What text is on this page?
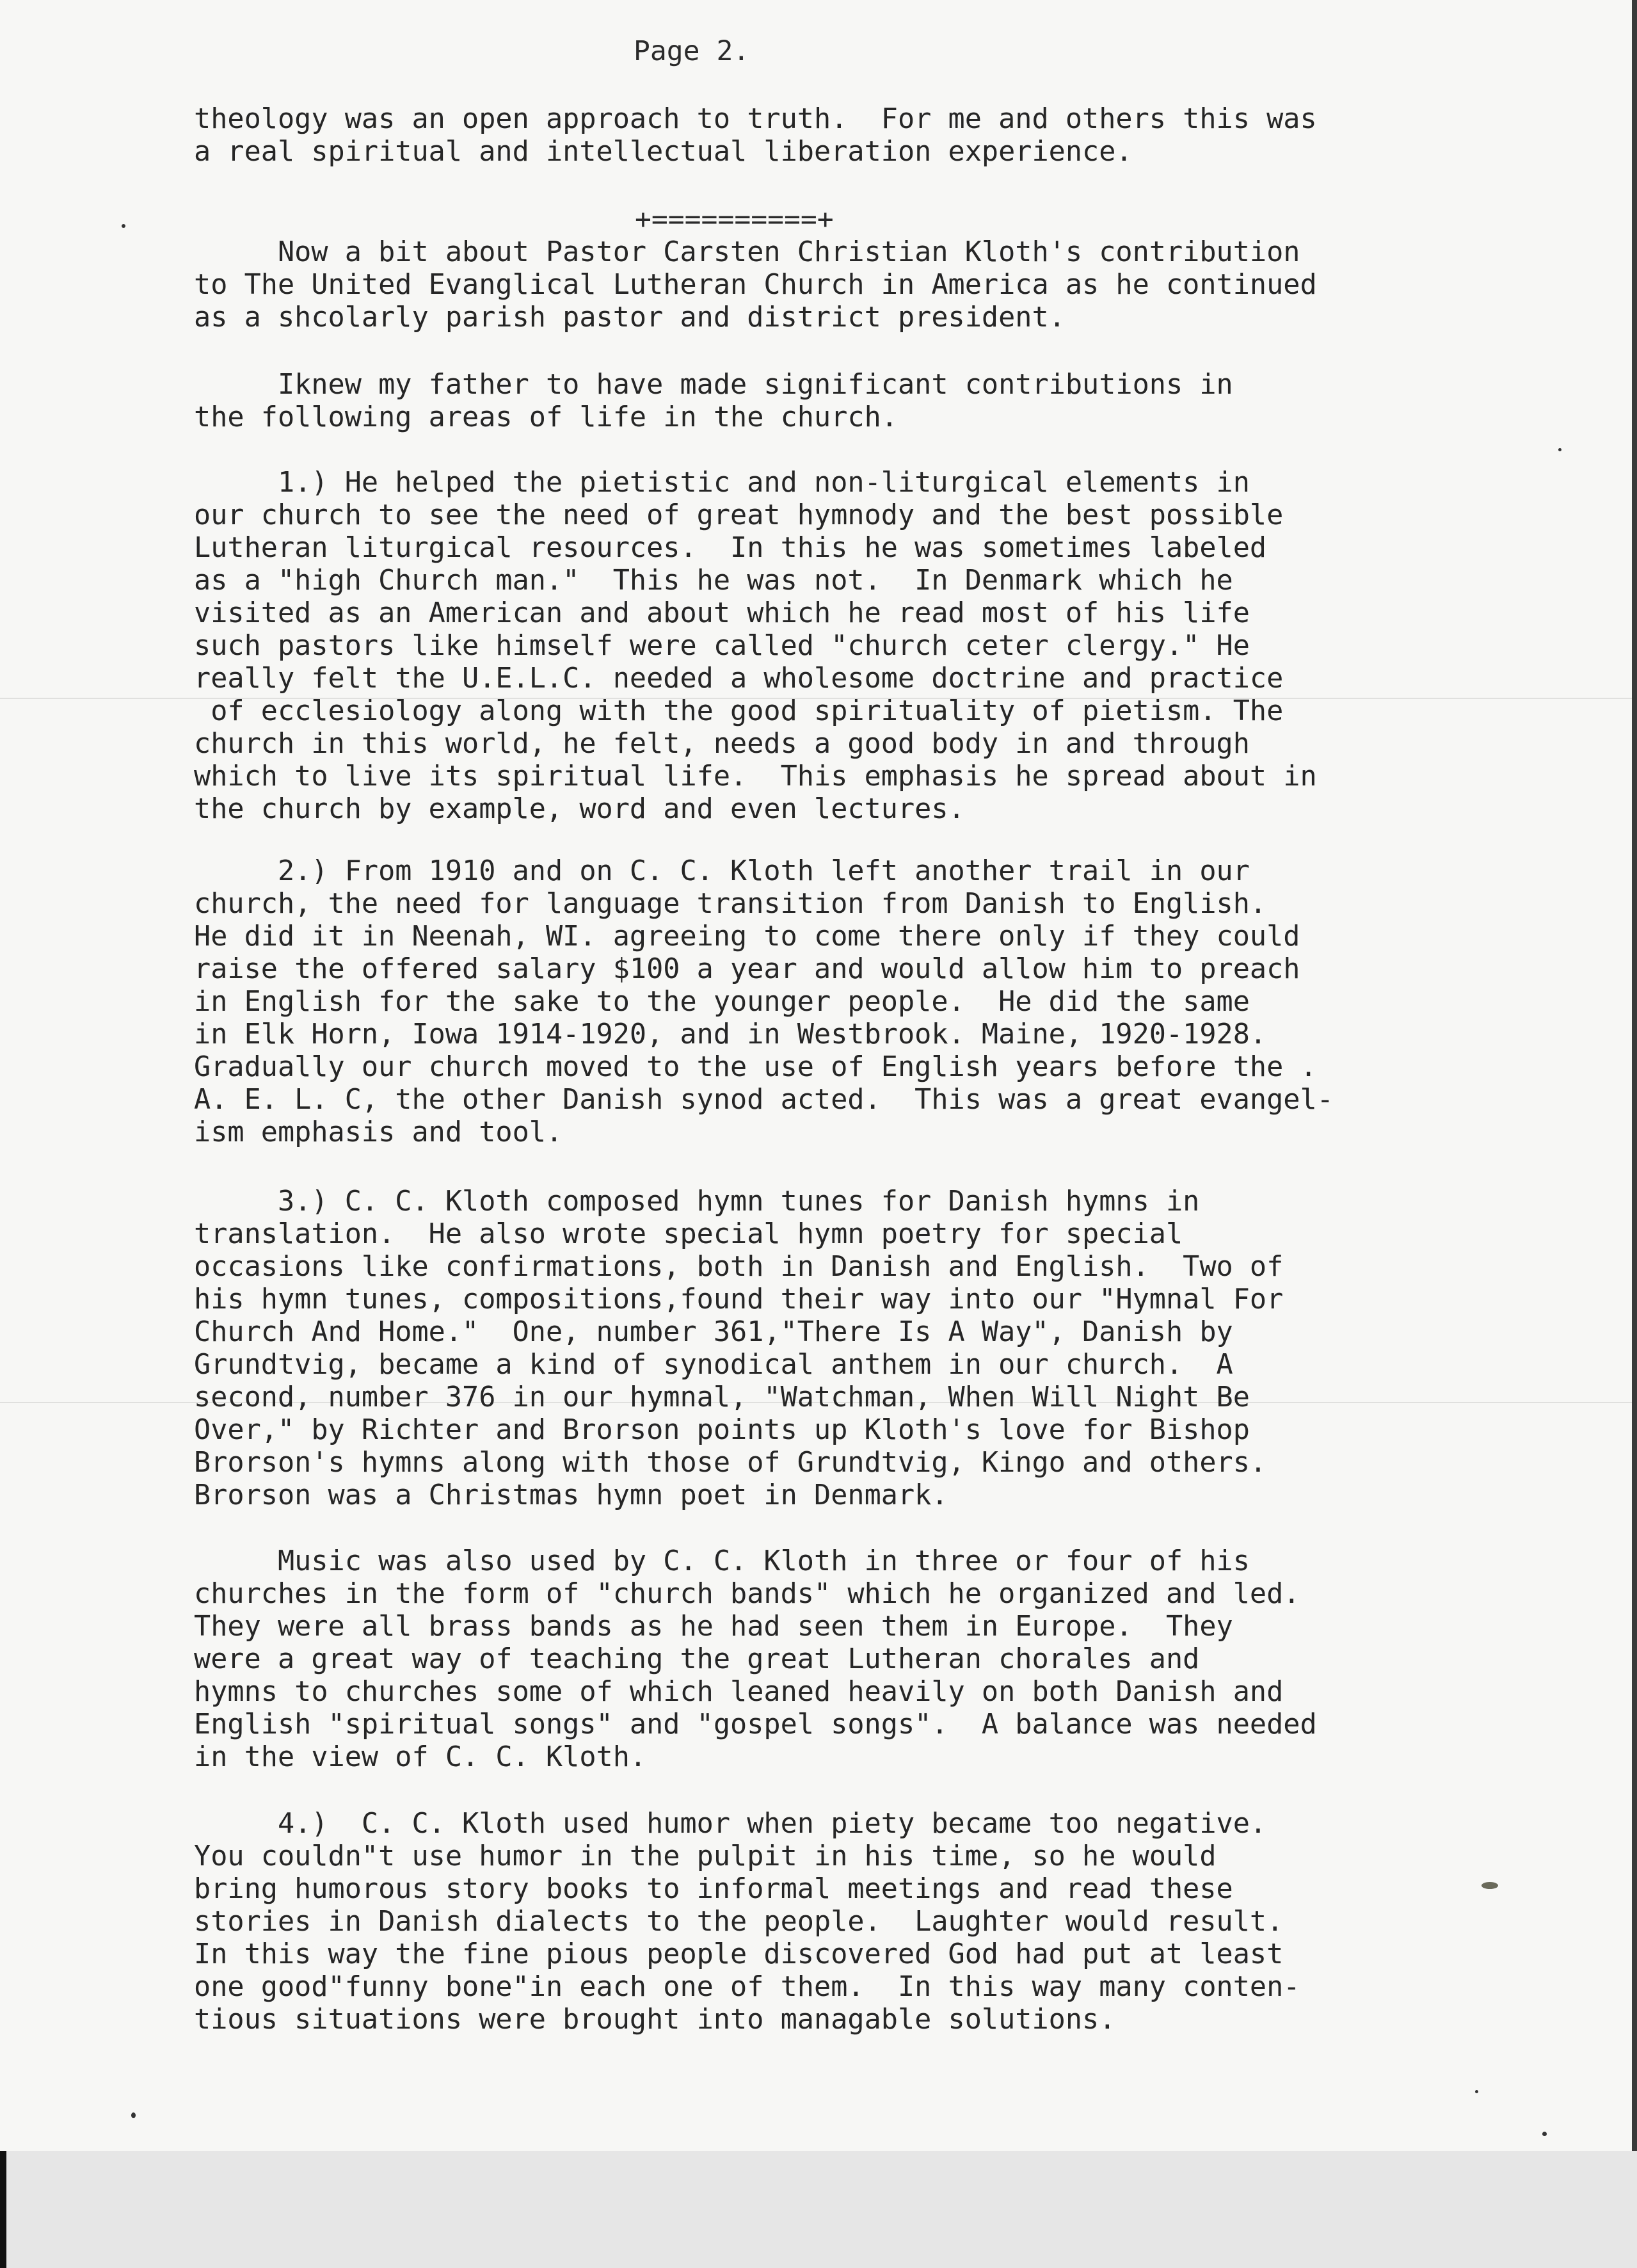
Page 2.
+==========+
theology was an open approach to truth.  For me and others this was
a real spiritual and intellectual liberation experience.
Now a bit about Pastor Carsten Christian Kloth's contribution
to The United Evanglical Lutheran Church in America as he continued
as a shcolarly parish pastor and district president.
Iknew my father to have made significant contributions in
the following areas of life in the church.
1.) He helped the pietistic and non-liturgical elements in
our church to see the need of great hymnody and the best possible
Lutheran liturgical resources.  In this he was sometimes labeled
as a "high Church man."  This he was not.  In Denmark which he
visited as an American and about which he read most of his life
such pastors like himself were called "church ceter clergy." He
really felt the U.E.L.C. needed a wholesome doctrine and practice
of ecclesiology along with the good spirituality of pietism. The
church in this world, he felt, needs a good body in and through
which to live its spiritual life.  This emphasis he spread about in
the church by example, word and even lectures.
2.) From 1910 and on C. C. Kloth left another trail in our
church, the need for language transition from Danish to English.
He did it in Neenah, WI. agreeing to come there only if they could
raise the offered salary $100 a year and would allow him to preach
in English for the sake to the younger people.  He did the same
in Elk Horn, Iowa 1914-1920, and in Westbrook. Maine, 1920-1928.
Gradually our church moved to the use of English years before the .
A. E. L. C, the other Danish synod acted.  This was a great evangel-
ism emphasis and tool.
3.) C. C. Kloth composed hymn tunes for Danish hymns in
translation.  He also wrote special hymn poetry for special
occasions like confirmations, both in Danish and English.  Two of
his hymn tunes, compositions,found their way into our "Hymnal For
Church And Home."  One, number 361,"There Is A Way", Danish by
Grundtvig, became a kind of synodical anthem in our church.  A
second, number 376 in our hymnal, "Watchman, When Will Night Be
Over," by Richter and Brorson points up Kloth's love for Bishop
Brorson's hymns along with those of Grundtvig, Kingo and others.
Brorson was a Christmas hymn poet in Denmark.
Music was also used by C. C. Kloth in three or four of his
churches in the form of "church bands" which he organized and led.
They were all brass bands as he had seen them in Europe.  They
were a great way of teaching the great Lutheran chorales and
hymns to churches some of which leaned heavily on both Danish and
English "spiritual songs" and "gospel songs".  A balance was needed
in the view of C. C. Kloth.
4.)  C. C. Kloth used humor when piety became too negative.
You couldn"t use humor in the pulpit in his time, so he would
bring humorous story books to informal meetings and read these
stories in Danish dialects to the people.  Laughter would result.
In this way the fine pious people discovered God had put at least
one good"funny bone"in each one of them.  In this way many conten-
tious situations were brought into managable solutions.
